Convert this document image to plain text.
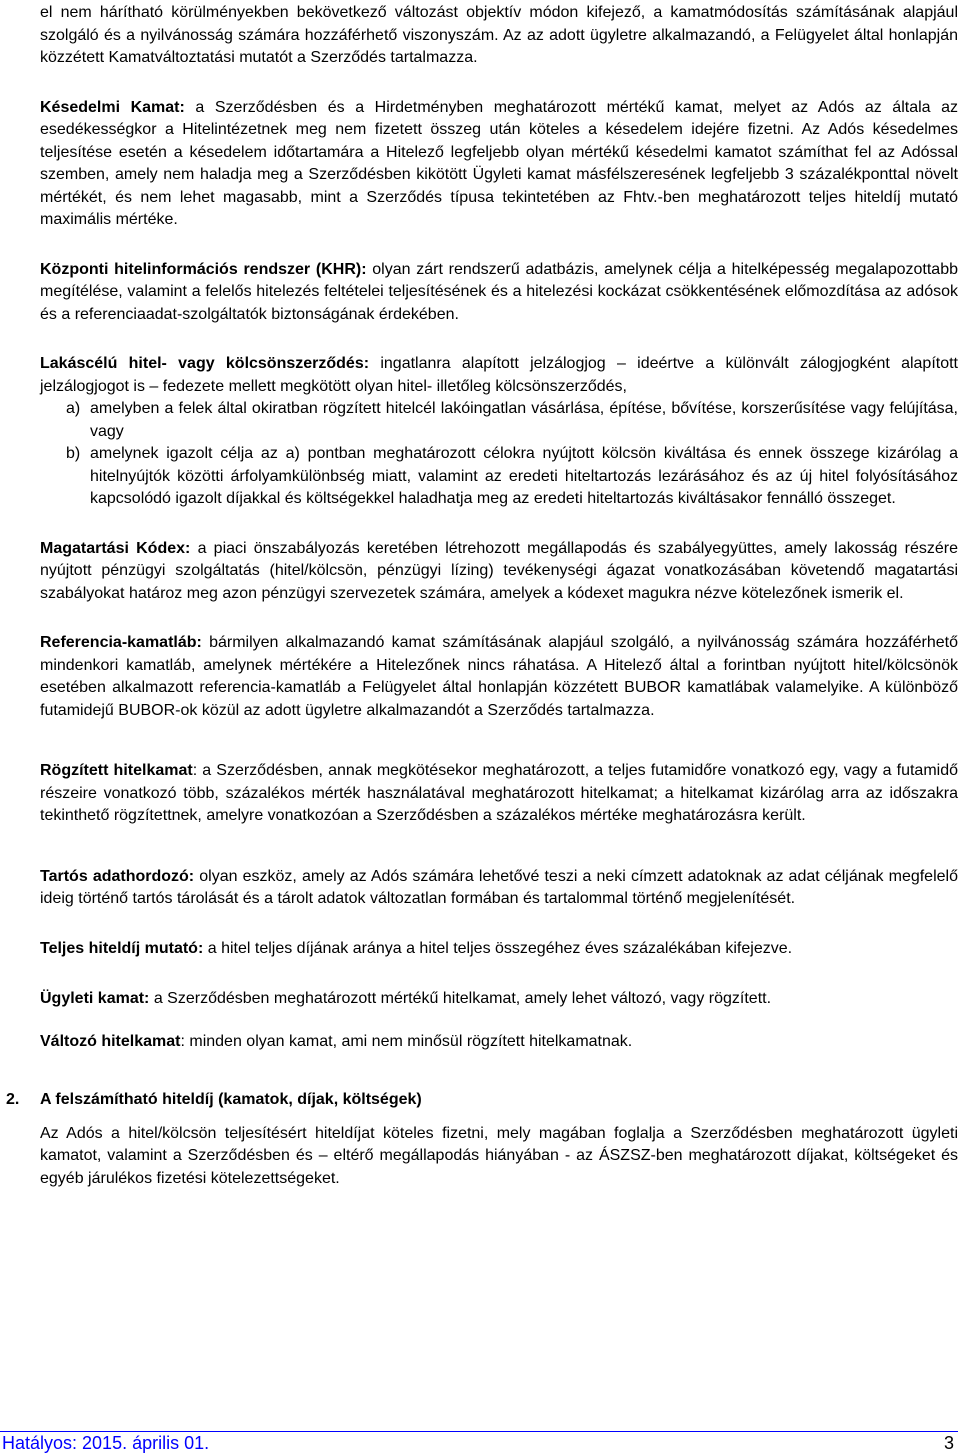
el nem hárítható körülményekben bekövetkező változást objektív módon kifejező, a kamatmódosítás számításának alapjául szolgáló és a nyilvánosság számára hozzáférhető viszonyszám. Az az adott ügyletre alkalmazandó, a Felügyelet által honlapján közzétett Kamatváltoztatási mutatót a Szerződés tartalmazza.

Késedelmi Kamat: a Szerződésben és a Hirdetményben meghatározott mértékű kamat, melyet az Adós az általa az esedékességkor a Hitelintézetnek meg nem fizetett összeg után köteles a késedelem idejére fizetni. Az Adós késedelmes teljesítése esetén a késedelem időtartamára a Hitelező legfeljebb olyan mértékű késedelmi kamatot számíthat fel az Adóssal szemben, amely nem haladja meg a Szerződésben kikötött Ügyleti kamat másfélszeresének legfeljebb 3 százalékponttal növelt mértékét, és nem lehet magasabb, mint a Szerződés típusa tekintetében az Fhtv.-ben meghatározott teljes hiteldíj mutató maximális mértéke.

Központi hitelinformációs rendszer (KHR): olyan zárt rendszerű adatbázis, amelynek célja a hitelképesség megalapozottabb megítélése, valamint a felelős hitelezés feltételei teljesítésének és a hitelezési kockázat csökkentésének előmozdítása az adósok és a referenciaadat-szolgáltatók biztonságának érdekében.

Lakáscélú hitel- vagy kölcsönszerződés: ingatlanra alapított jelzálogjog – ideértve a különvált zálogjogként alapított jelzálogjogot is – fedezete mellett megkötött olyan hitel- illetőleg kölcsönszerződés,

a) amelyben a felek által okiratban rögzített hitelcél lakóingatlan vásárlása, építése, bővítése, korszerűsítése vagy felújítása, vagy
b) amelynek igazolt célja az a) pontban meghatározott célokra nyújtott kölcsön kiváltása és ennek összege kizárólag a hitelnyújtók közötti árfolyamkülönbség miatt, valamint az eredeti hiteltartozás lezárásához és az új hitel folyósításához kapcsolódó igazolt díjakkal és költségekkel haladhatja meg az eredeti hiteltartozás kiváltásakor fennálló összeget.

Magatartási Kódex: a piaci önszabályozás keretében létrehozott megállapodás és szabályegyüttes, amely lakosság részére nyújtott pénzügyi szolgáltatás (hitel/kölcsön, pénzügyi lízing) tevékenységi ágazat vonatkozásában követendő magatartási szabályokat határoz meg azon pénzügyi szervezetek számára, amelyek a kódexet magukra nézve kötelezőnek ismerik el.

Referencia-kamatláb: bármilyen alkalmazandó kamat számításának alapjául szolgáló, a nyilvánosság számára hozzáférhető mindenkori kamatláb, amelynek mértékére a Hitelezőnek nincs ráhatása. A Hitelező által a forintban nyújtott hitel/kölcsönök esetében alkalmazott referencia-kamatláb a Felügyelet által honlapján közzétett BUBOR kamatlábak valamelyike. A különböző futamidejű BUBOR-ok közül az adott ügyletre alkalmazandót a Szerződés tartalmazza.

Rögzített hitelkamat: a Szerződésben, annak megkötésekor meghatározott, a teljes futamidőre vonatkozó egy, vagy a futamidő részeire vonatkozó több, százalékos mérték használatával meghatározott hitelkamat; a hitelkamat kizárólag arra az időszakra tekinthető rögzítettnek, amelyre vonatkozóan a Szerződésben a százalékos mértéke meghatározásra került.

Tartós adathordozó: olyan eszköz, amely az Adós számára lehetővé teszi a neki címzett adatoknak az adat céljának megfelelő ideig történő tartós tárolását és a tárolt adatok változatlan formában és tartalommal történő megjelenítését.

Teljes hiteldíj mutató: a hitel teljes díjának aránya a hitel teljes összegéhez éves százalékában kifejezve.

Ügyleti kamat: a Szerződésben meghatározott mértékű hitelkamat, amely lehet változó, vagy rögzített.

Változó hitelkamat: minden olyan kamat, ami nem minősül rögzített hitelkamatnak.

2. A felszámítható hiteldíj (kamatok, díjak, költségek)

Az Adós a hitel/kölcsön teljesítésért hiteldíjat köteles fizetni, mely magában foglalja a Szerződésben meghatározott ügyleti kamatot, valamint a Szerződésben és – eltérő megállapodás hiányában - az ÁSZSZ-ben meghatározott díjakat, költségeket és egyéb járulékos fizetési kötelezettségeket.

Hatályos: 2015. április 01.	3
